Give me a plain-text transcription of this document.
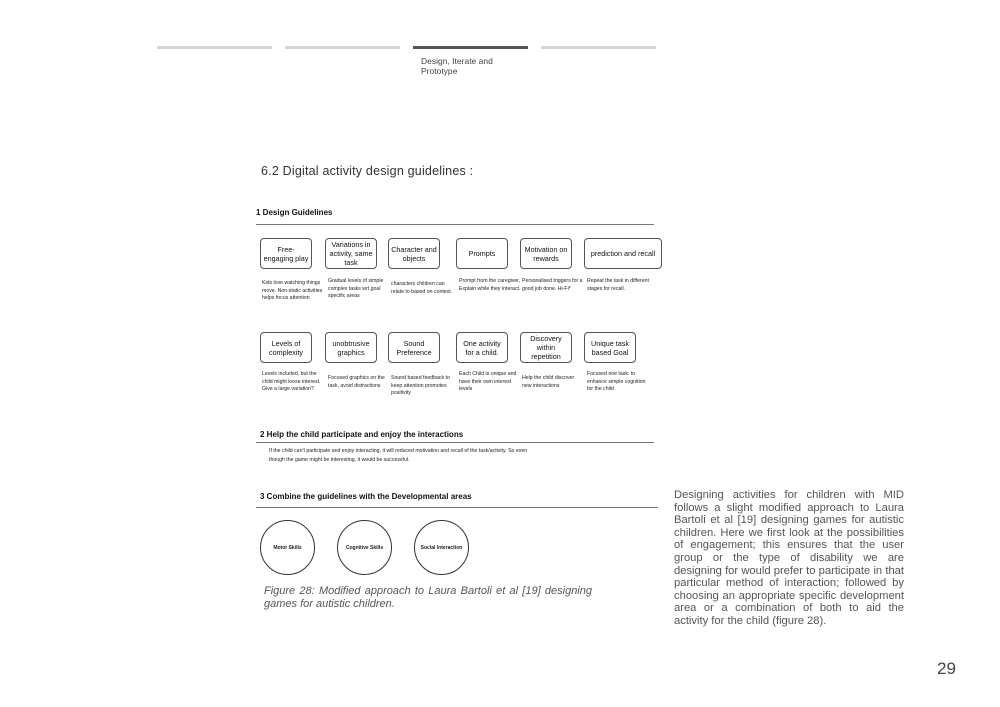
Design, Iterate and Prototype
6.2 Digital activity design guidelines :
1 Design Guidelines
Free-engaging play
Variations in activity, same task
Character and objects	Prompts	Motivation on rewards	prediction and recall
Kids love watching things move. Non-static activities helps focus attention
Gradual levels of simple complex tasks wrt goal specific areas
characters children can relate to based on context.
Prompt from the caregiver, Explain while they interact.
Personalised triggers for a good job done. Hi-Fi*
Repeat the task in different stages for recall.
Levels of complexity
unobtrusive graphics
Sound Preference
One activity for a child.
Discovery within repetition
Unique task based Goal
Levels included, but the child might loose interest. Give a large variation?
Focused graphics on the task, avoid distractions
Sound based feedback to keep attention promotes positivity
Each Child is unique and have their own interest levels
Help the child discover new interactions
Focused one task. to enhance simple cognition for the child
2 Help the child participate and enjoy the interactions
If the child can't participate and enjoy interacting, it will reduced motivation and recall of the task/activity. So even though the game might be interesting, it would be successful.
3 Combine the guidelines with the Developmental areas
Motor Skills	Cognitive Skills	Social Interaction
Figure 28: Modified approach to Laura Bartoli et al [19] designing games for autistic children.
Designing activities for children with MID follows a slight modified approach to Laura Bartoli et al [19] designing games for autistic children. Here we first look at the possibilities of engagement; this ensures that the user group or the type of disability we are designing for would prefer to participate in that particular method of interaction; followed by choosing an appropriate specific development area or a combination of both to aid the activity for the child (figure 28).
29
